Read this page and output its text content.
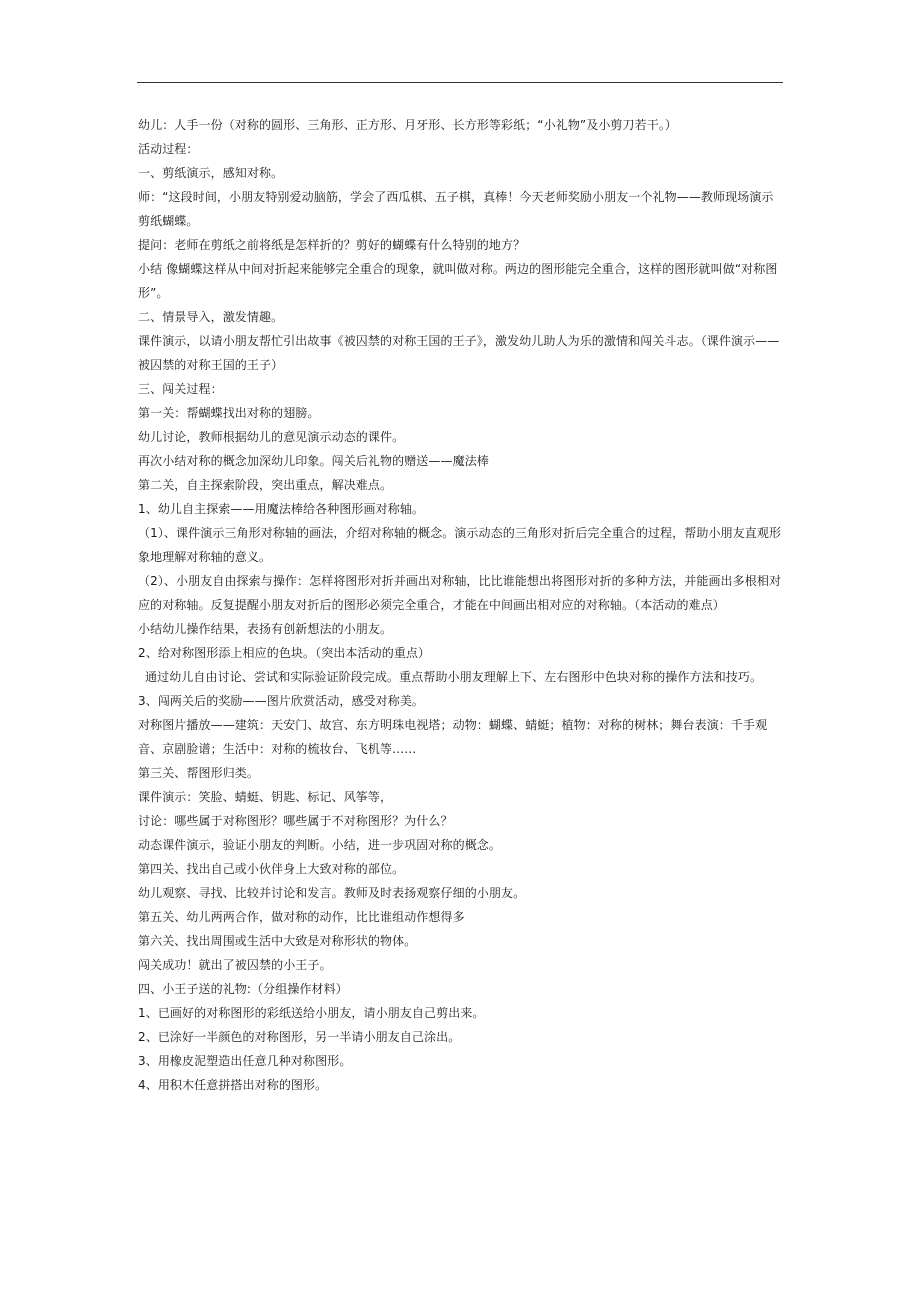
幼儿：人手一份（对称的圆形、三角形、正方形、月牙形、长方形等彩纸；“小礼物”及小剪刀若干。）

活动过程：

一、剪纸演示，感知对称。

师：“这段时间，小朋友特别爱动脑筋，学会了西瓜棋、五子棋，真棒！今天老师奖励小朋友一个礼物——教师现场演示剪纸蝴蝶。

提问：老师在剪纸之前将纸是怎样折的？剪好的蝴蝶有什么特别的地方？

小结 像蝴蝶这样从中间对折起来能够完全重合的现象，就叫做对称。两边的图形能完全重合，这样的图形就叫做“对称图形”。

二、情景导入，激发情趣。

课件演示，以请小朋友帮忙引出故事《被囚禁的对称王国的王子》，激发幼儿助人为乐的激情和闯关斗志。（课件演示——被囚禁的对称王国的王子）

三、闯关过程：

第一关：帮蝴蝶找出对称的翅膀。

幼儿讨论，教师根据幼儿的意见演示动态的课件。

再次小结对称的概念加深幼儿印象。闯关后礼物的赠送——魔法棒

第二关，自主探索阶段，突出重点，解决难点。

1、幼儿自主探索——用魔法棒给各种图形画对称轴。

（1）、课件演示三角形对称轴的画法，介绍对称轴的概念。演示动态的三角形对折后完全重合的过程，帮助小朋友直观形象地理解对称轴的意义。

（2）、小朋友自由探索与操作：怎样将图形对折并画出对称轴，比比谁能想出将图形对折的多种方法，并能画出多根相对应的对称轴。反复提醒小朋友对折后的图形必须完全重合，才能在中间画出相对应的对称轴。（本活动的难点）

小结幼儿操作结果，表扬有创新想法的小朋友。

2、给对称图形添上相应的色块。（突出本活动的重点）

通过幼儿自由讨论、尝试和实际验证阶段完成。重点帮助小朋友理解上下、左右图形中色块对称的操作方法和技巧。

3、闯两关后的奖励——图片欣赏活动，感受对称美。

对称图片播放——建筑：天安门、故宫、东方明珠电视塔；动物：蝴蝶、蜻蜓；植物：对称的树林；舞台表演：千手观音、京剧脸谱；生活中：对称的梳妆台、飞机等……

第三关、帮图形归类。

课件演示：笑脸、蜻蜓、钥匙、标记、风筝等，

讨论：哪些属于对称图形？哪些属于不对称图形？为什么？

动态课件演示，验证小朋友的判断。小结，进一步巩固对称的概念。

第四关、找出自己或小伙伴身上大致对称的部位。

幼儿观察、寻找、比较并讨论和发言。教师及时表扬观察仔细的小朋友。

第五关、幼儿两两合作，做对称的动作，比比谁组动作想得多

第六关、找出周围或生活中大致是对称形状的物体。

闯关成功！就出了被囚禁的小王子。

四、小王子送的礼物:（分组操作材料）

1、已画好的对称图形的彩纸送给小朋友，请小朋友自己剪出来。

2、已涂好一半颜色的对称图形，另一半请小朋友自己涂出。

3、用橡皮泥塑造出任意几种对称图形。

4、用积木任意拼搭出对称的图形。
